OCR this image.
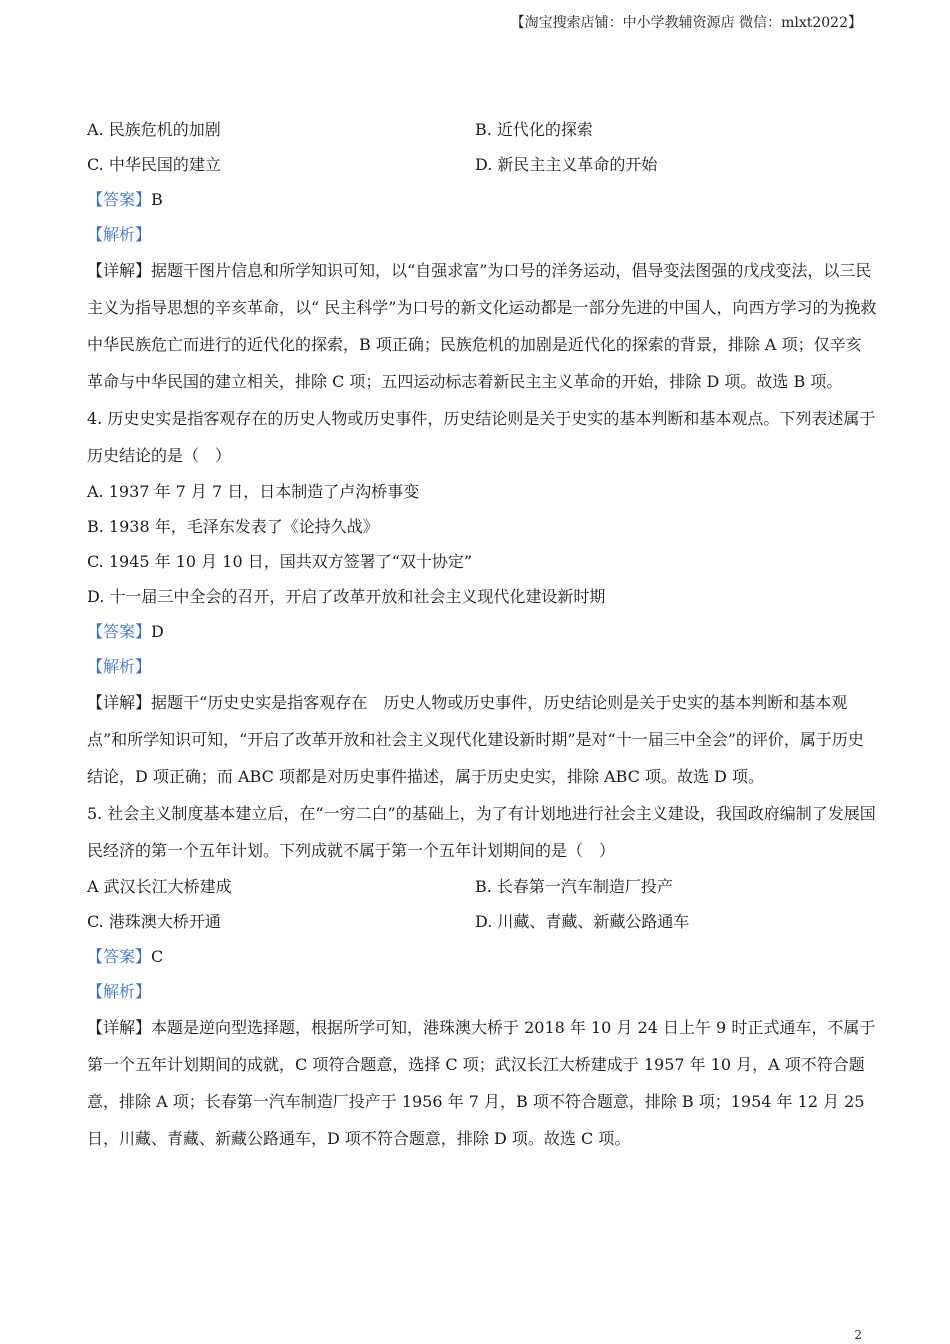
【淘宝搜索店铺：中小学教辅资源店 微信：mlxt2022】
A. 民族危机的加剧	B. 近代化的探索
C. 中华民国的建立	D. 新民主主义革命的开始
【答案】B
【解析】
【详解】据题干图片信息和所学知识可知，以“自强求富”为口号的洋务运动，倡导变法图强的戊戌变法，以三民主义为指导思想的辛亥革命，以“ 民主科学”为口号的新文化运动都是一部分先进的中国人，向西方学习的为挽救中华民族危亡而进行的近代化的探索，B 项正确；民族危机的加剧是近代化的探索的背景，排除 A 项；仅辛亥革命与中华民国的建立相关，排除 C 项；五四运动标志着新民主主义革命的开始，排除 D 项。故选 B 项。
4. 历史史实是指客观存在的历史人物或历史事件，历史结论则是关于史实的基本判断和基本观点。下列表述属于历史结论的是（　）
A. 1937 年 7 月 7 日，日本制造了卢沟桥事变
B. 1938 年，毛泽东发表了《论持久战》
C. 1945 年 10 月 10 日，国共双方签署了“双十协定”
D. 十一届三中全会的召开，开启了改革开放和社会主义现代化建设新时期
【答案】D
【解析】
【详解】据题干“历史史实是指客观存在　历史人物或历史事件，历史结论则是关于史实的基本判断和基本观点”和所学知识可知，“开启了改革开放和社会主义现代化建设新时期”是对“十一届三中全会”的评价，属于历史结论，D 项正确；而 ABC 项都是对历史事件描述，属于历史史实，排除 ABC 项。故选 D 项。
5. 社会主义制度基本建立后，在“一穷二白”的基础上，为了有计划地进行社会主义建设，我国政府编制了发展国民经济的第一个五年计划。下列成就不属于第一个五年计划期间的是（　）
A 武汉长江大桥建成	B. 长春第一汽车制造厂投产
C. 港珠澳大桥开通	D. 川藏、青藏、新藏公路通车
【答案】C
【解析】
【详解】本题是逆向型选择题，根据所学可知，港珠澳大桥于 2018 年 10 月 24 日上午 9 时正式通车，不属于第一个五年计划期间的成就，C 项符合题意，选择 C 项；武汉长江大桥建成于 1957 年 10 月，A 项不符合题意，排除 A 项；长春第一汽车制造厂投产于 1956 年 7 月，B 项不符合题意，排除 B 项；1954 年 12 月 25 日，川藏、青藏、新藏公路通车，D 项不符合题意，排除 D 项。故选 C 项。
2
